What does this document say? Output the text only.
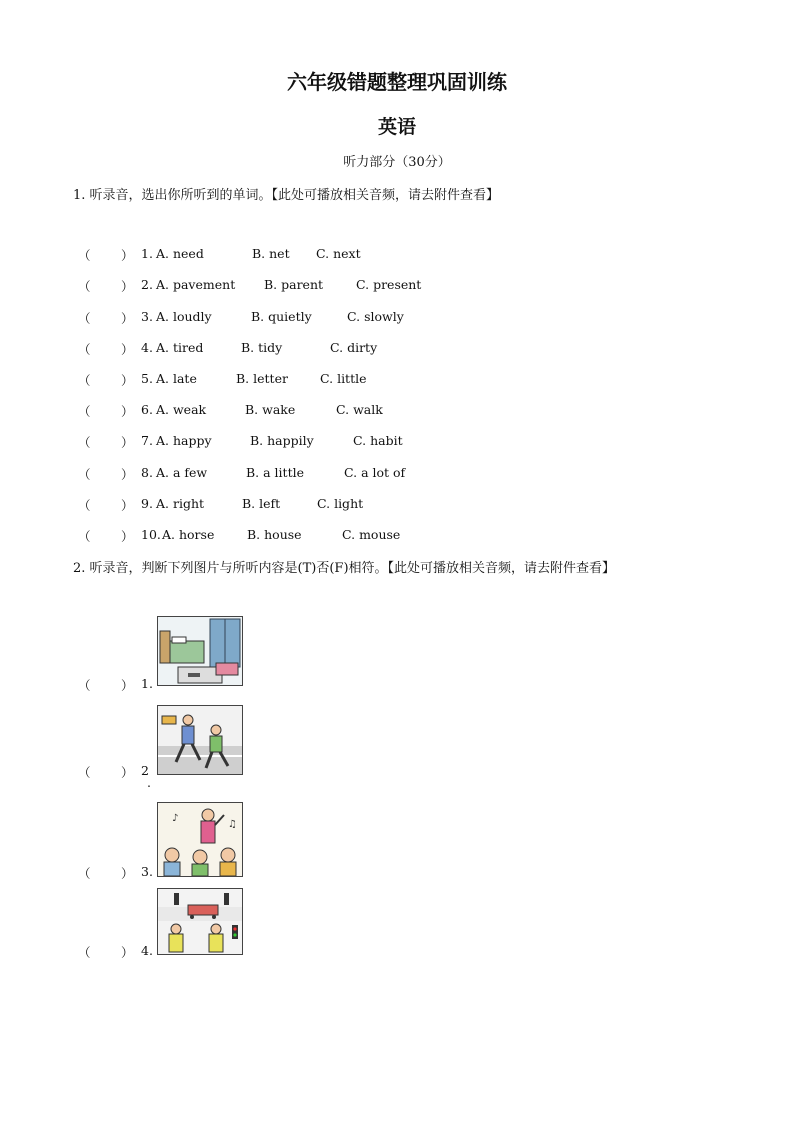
六年级错题整理巩固训练
英语
听力部分（30分）
1. 听录音，选出你所听到的单词。【此处可播放相关音频，请去附件查看】
（ ） 1. A. need	B. net C. next
（ ） 2. A. pavement B. parent	C. present
（ ） 3. A. loudly	B. quietly	C. slowly
（ ） 4. A. tired	B. tidy	C. dirty
（ ） 5. A. late	B. letter	C. little
（ ） 6. A. weak	B. wake	C. walk
（ ） 7. A. happy	B. happily	C. habit
（ ） 8. A. a few	B. a little	C. a lot of
（ ） 9. A. right	B. left	C. light
（ ） 10. A. horse	B. house	C. mouse
2. 听录音，判断下列图片与所听内容是(T)否(F)相符。【此处可播放相关音频，请去附件查看】
（ ） 1.
（ ） 2
.
♪
♫
（ ） 3.
（ ） 4.
